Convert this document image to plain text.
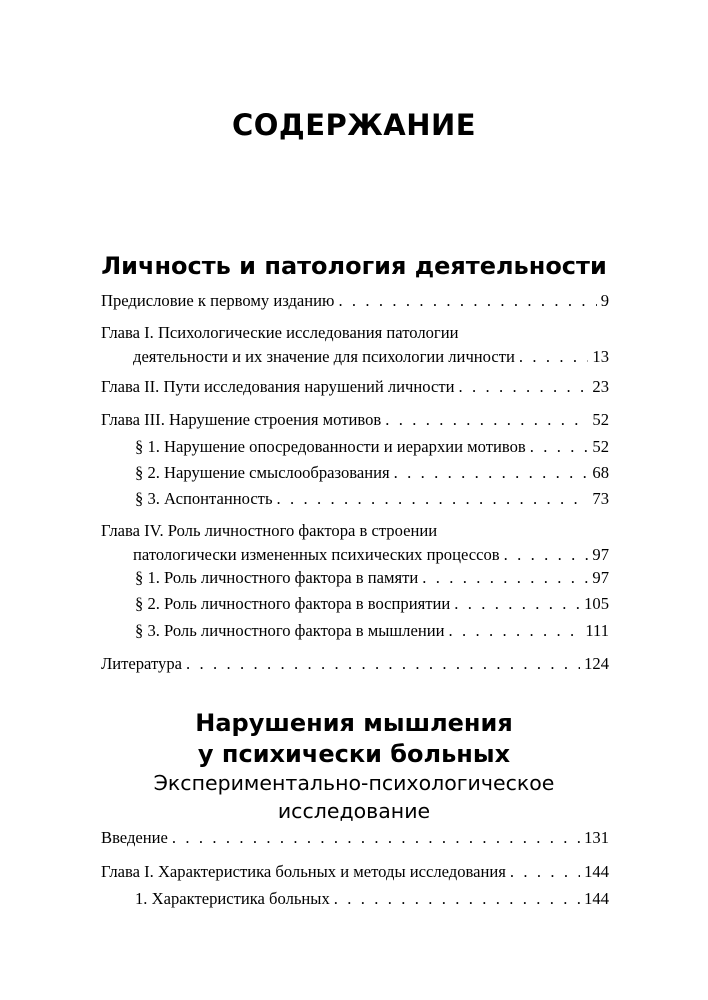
СОДЕРЖАНИЕ
Личность и патология деятельности
Предисловие к первому изданию . . .	9
Глава I. Психологические исследования патологии
деятельности и их значение для психологии личности . . .	13
Глава II. Пути исследования нарушений личности . . .	23
Глава III. Нарушение строения мотивов . . .	52
§ 1. Нарушение опосредованности и иерархии мотивов . . .	52
§ 2. Нарушение смыслообразования . . .	68
§ 3. Аспонтанность . . .	73
Глава IV. Роль личностного фактора в строении
патологически измененных психических процессов . . .	97
§ 1. Роль личностного фактора в памяти . . .	97
§ 2. Роль личностного фактора в восприятии . . .	105
§ 3. Роль личностного фактора в мышлении . . .	111
Литература . . .	124
Нарушения мышления
у психически больных
Экспериментально-психологическое
исследование
Введение . . .	131
Глава I. Характеристика больных и методы исследования . . .	144
1. Характеристика больных . . .	144
